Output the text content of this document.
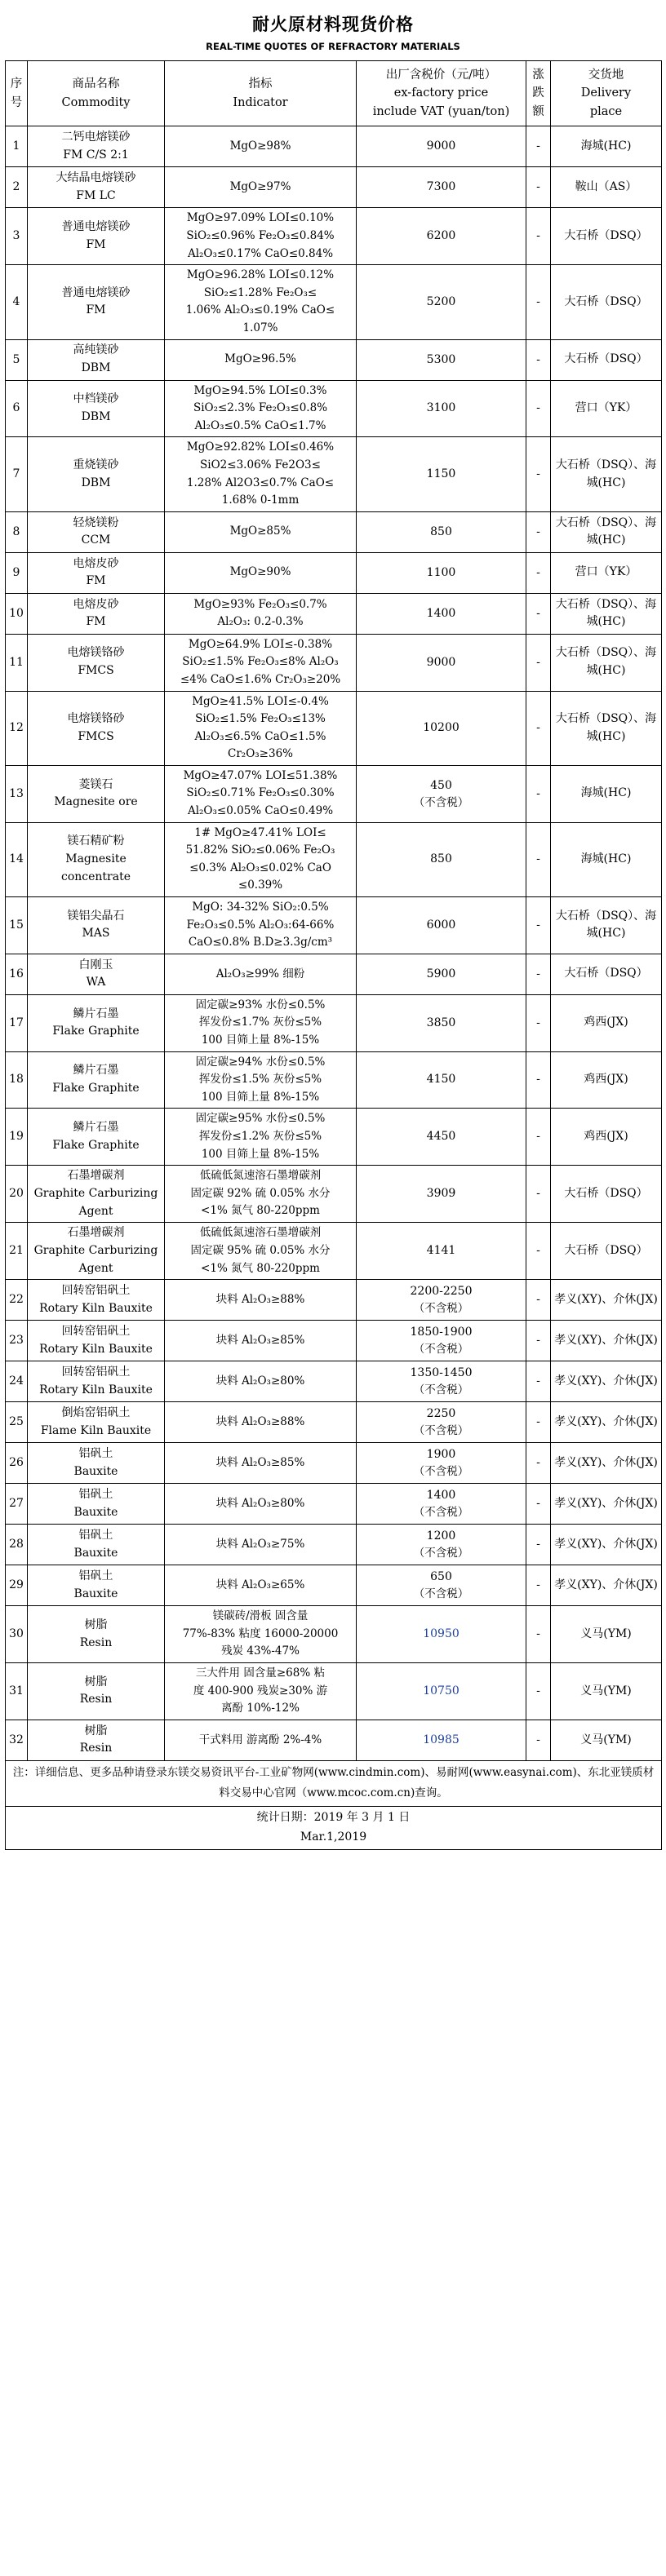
耐火原材料现货价格
REAL-TIME QUOTES OF REFRACTORY MATERIALS
序
号	商品名称
Commodity	指标
Indicator	出厂含税价（元/吨）
ex-factory price
include VAT (yuan/ton)	涨
跌
额	交货地
Delivery
place

1	二钙电熔镁砂
FM C/S 2:1	MgO≥98%	9000	-	海城(HC)
2	大结晶电熔镁砂
FM LC	MgO≥97%	7300	-	鞍山（AS）
3	普通电熔镁砂
FM	MgO≥97.09% LOI≤0.10%
SiO₂≤0.96% Fe₂O₃≤0.84%
Al₂O₃≤0.17% CaO≤0.84%	6200	-	大石桥（DSQ）
4	普通电熔镁砂
FM	MgO≥96.28% LOI≤0.12%
SiO₂≤1.28% Fe₂O₃≤
1.06% Al₂O₃≤0.19% CaO≤
1.07%	5200	-	大石桥（DSQ）
5	高纯镁砂
DBM	MgO≥96.5%	5300	-	大石桥（DSQ）
6	中档镁砂
DBM	MgO≥94.5% LOI≤0.3%
SiO₂≤2.3% Fe₂O₃≤0.8%
Al₂O₃≤0.5% CaO≤1.7%	3100	-	营口（YK）
7	重烧镁砂
DBM	MgO≥92.82% LOI≤0.46%
SiO2≤3.06% Fe2O3≤
1.28% Al2O3≤0.7% CaO≤
1.68% 0-1mm	1150	-	大石桥（DSQ）、海城(HC)
8	轻烧镁粉
CCM	MgO≥85%	850	-	大石桥（DSQ）、海城(HC)
9	电熔皮砂
FM	MgO≥90%	1100	-	营口（YK）
10	电熔皮砂
FM	MgO≥93% Fe₂O₃≤0.7%
Al₂O₃: 0.2-0.3%	1400	-	大石桥（DSQ）、海城(HC)
11	电熔镁铬砂
FMCS	MgO≥64.9% LOI≤-0.38%
SiO₂≤1.5% Fe₂O₃≤8% Al₂O₃
≤4% CaO≤1.6% Cr₂O₃≥20%	9000	-	大石桥（DSQ）、海城(HC)
12	电熔镁铬砂
FMCS	MgO≥41.5% LOI≤-0.4%
SiO₂≤1.5% Fe₂O₃≤13%
Al₂O₃≤6.5% CaO≤1.5%
Cr₂O₃≥36%	10200	-	大石桥（DSQ）、海城(HC)
13	菱镁石
Magnesite ore	MgO≥47.07% LOI≤51.38%
SiO₂≤0.71% Fe₂O₃≤0.30%
Al₂O₃≤0.05% CaO≤0.49%	450
（不含税）	-	海城(HC)
14	镁石精矿粉
Magnesite concentrate	1# MgO≥47.41% LOI≤
51.82% SiO₂≤0.06% Fe₂O₃
≤0.3% Al₂O₃≤0.02% CaO
≤0.39%	850	-	海城(HC)
15	镁铝尖晶石
MAS	MgO: 34-32% SiO₂:0.5%
Fe₂O₃≤0.5% Al₂O₃:64-66%
CaO≤0.8% B.D≥3.3g/cm³	6000	-	大石桥（DSQ）、海城(HC)
16	白刚玉
WA	Al₂O₃≥99% 细粉	5900	-	大石桥（DSQ）
17	鳞片石墨
Flake Graphite	固定碳≥93% 水份≤0.5%
挥发份≤1.7% 灰份≤5%
100 目筛上量 8%-15%	3850	-	鸡西(JX)
18	鳞片石墨
Flake Graphite	固定碳≥94% 水份≤0.5%
挥发份≤1.5% 灰份≤5%
100 目筛上量 8%-15%	4150	-	鸡西(JX)
19	鳞片石墨
Flake Graphite	固定碳≥95% 水份≤0.5%
挥发份≤1.2% 灰份≤5%
100 目筛上量 8%-15%	4450	-	鸡西(JX)
20	石墨增碳剂
Graphite Carburizing Agent	低硫低氮速溶石墨增碳剂
固定碳 92% 硫 0.05% 水分
<1% 氮气 80-220ppm	3909	-	大石桥（DSQ）
21	石墨增碳剂
Graphite Carburizing Agent	低硫低氮速溶石墨增碳剂
固定碳 95% 硫 0.05% 水分
<1% 氮气 80-220ppm	4141	-	大石桥（DSQ）
22	回转窑铝矾土
Rotary Kiln Bauxite	块料 Al₂O₃≥88%	2200-2250
（不含税）	-	孝义(XY)、介休(JX)
23	回转窑铝矾土
Rotary Kiln Bauxite	块料 Al₂O₃≥85%	1850-1900
（不含税）	-	孝义(XY)、介休(JX)
24	回转窑铝矾土
Rotary Kiln Bauxite	块料 Al₂O₃≥80%	1350-1450
（不含税）	-	孝义(XY)、介休(JX)
25	倒焰窑铝矾土
Flame Kiln Bauxite	块料 Al₂O₃≥88%	2250
（不含税）	-	孝义(XY)、介休(JX)
26	铝矾土
Bauxite	块料 Al₂O₃≥85%	1900
（不含税）	-	孝义(XY)、介休(JX)
27	铝矾土
Bauxite	块料 Al₂O₃≥80%	1400
（不含税）	-	孝义(XY)、介休(JX)
28	铝矾土
Bauxite	块料 Al₂O₃≥75%	1200
（不含税）	-	孝义(XY)、介休(JX)
29	铝矾土
Bauxite	块料 Al₂O₃≥65%	650
（不含税）	-	孝义(XY)、介休(JX)
30	树脂
Resin	镁碳砖/滑板 固含量
77%-83% 粘度 16000-20000
残炭 43%-47%	10950	-	义马(YM)
31	树脂
Resin	三大件用 固含量≥68% 粘
度 400-900 残炭≥30% 游
离酚 10%-12%	10750	-	义马(YM)
32	树脂
Resin	干式料用 游离酚 2%-4%	10985	-	义马(YM)
注：详细信息、更多品种请登录东镁交易资讯平台-工业矿物网(www.cindmin.com)、易耐网(www.easynai.com)、东北亚镁质材料交易中心官网（www.mcoc.com.cn)查询。					

统计日期：2019 年 3 月 1 日
Mar.1,2019					
